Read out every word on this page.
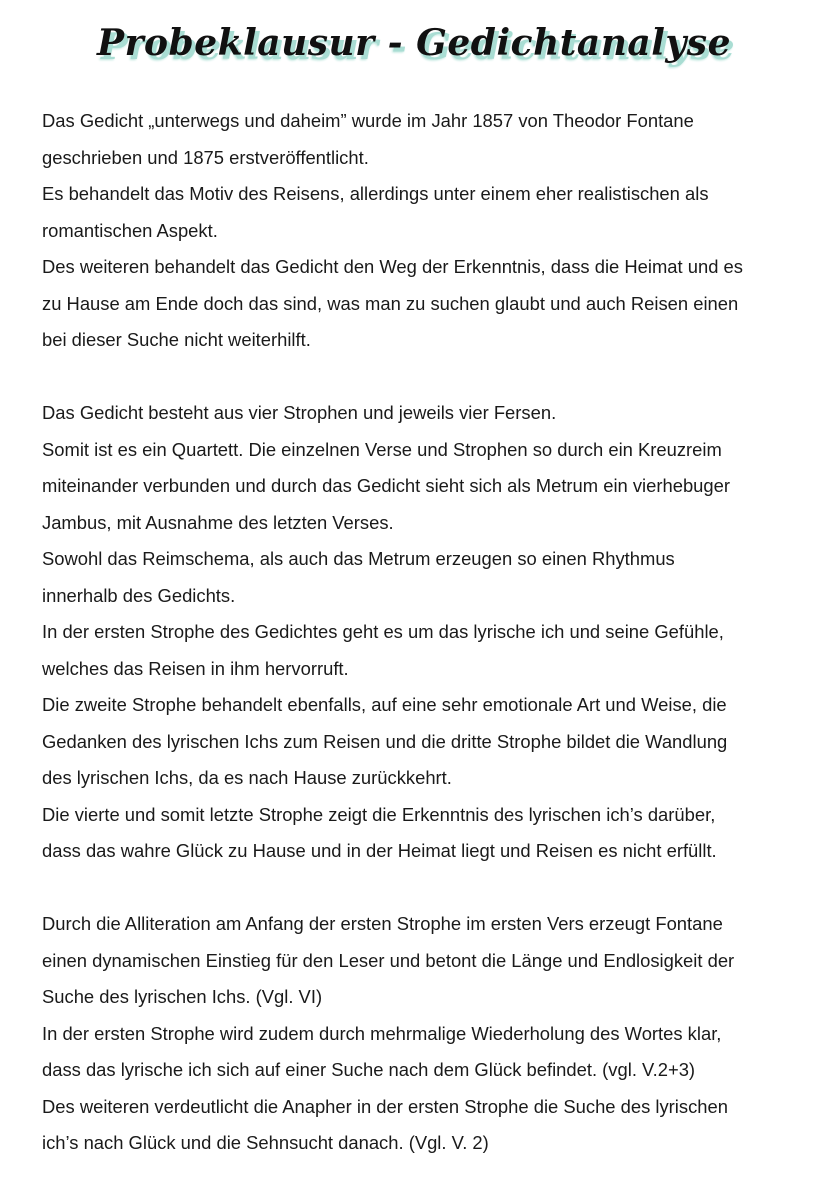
Probeklausur - Gedichtanalyse
Das Gedicht „unterwegs und daheim” wurde im Jahr 1857 von Theodor Fontane
geschrieben und 1875 erstveröffentlicht.
Es behandelt das Motiv des Reisens, allerdings unter einem eher realistischen als
romantischen Aspekt.
Des weiteren behandelt das Gedicht den Weg der Erkenntnis, dass die Heimat und es
zu Hause am Ende doch das sind, was man zu suchen glaubt und auch Reisen einen
bei dieser Suche nicht weiterhilft.
Das Gedicht besteht aus vier Strophen und jeweils vier Fersen.
Somit ist es ein Quartett. Die einzelnen Verse und Strophen so durch ein Kreuzreim
miteinander verbunden und durch das Gedicht sieht sich als Metrum ein vierhebuger
Jambus, mit Ausnahme des letzten Verses.
Sowohl das Reimschema, als auch das Metrum erzeugen so einen Rhythmus
innerhalb des Gedichts.
In der ersten Strophe des Gedichtes geht es um das lyrische ich und seine Gefühle,
welches das Reisen in ihm hervorruft.
Die zweite Strophe behandelt ebenfalls, auf eine sehr emotionale Art und Weise, die
Gedanken des lyrischen Ichs zum Reisen und die dritte Strophe bildet die Wandlung
des lyrischen Ichs, da es nach Hause zurückkehrt.
Die vierte und somit letzte Strophe zeigt die Erkenntnis des lyrischen ich’s darüber,
dass das wahre Glück zu Hause und in der Heimat liegt und Reisen es nicht erfüllt.
Durch die Alliteration am Anfang der ersten Strophe im ersten Vers erzeugt Fontane
einen dynamischen Einstieg für den Leser und betont die Länge und Endlosigkeit der
Suche des lyrischen Ichs. (Vgl. VI)
In der ersten Strophe wird zudem durch mehrmalige Wiederholung des Wortes klar,
dass das lyrische ich sich auf einer Suche nach dem Glück befindet. (vgl. V.2+3)
Des weiteren verdeutlicht die Anapher in der ersten Strophe die Suche des lyrischen
ich’s nach Glück und die Sehnsucht danach. (Vgl. V. 2)
